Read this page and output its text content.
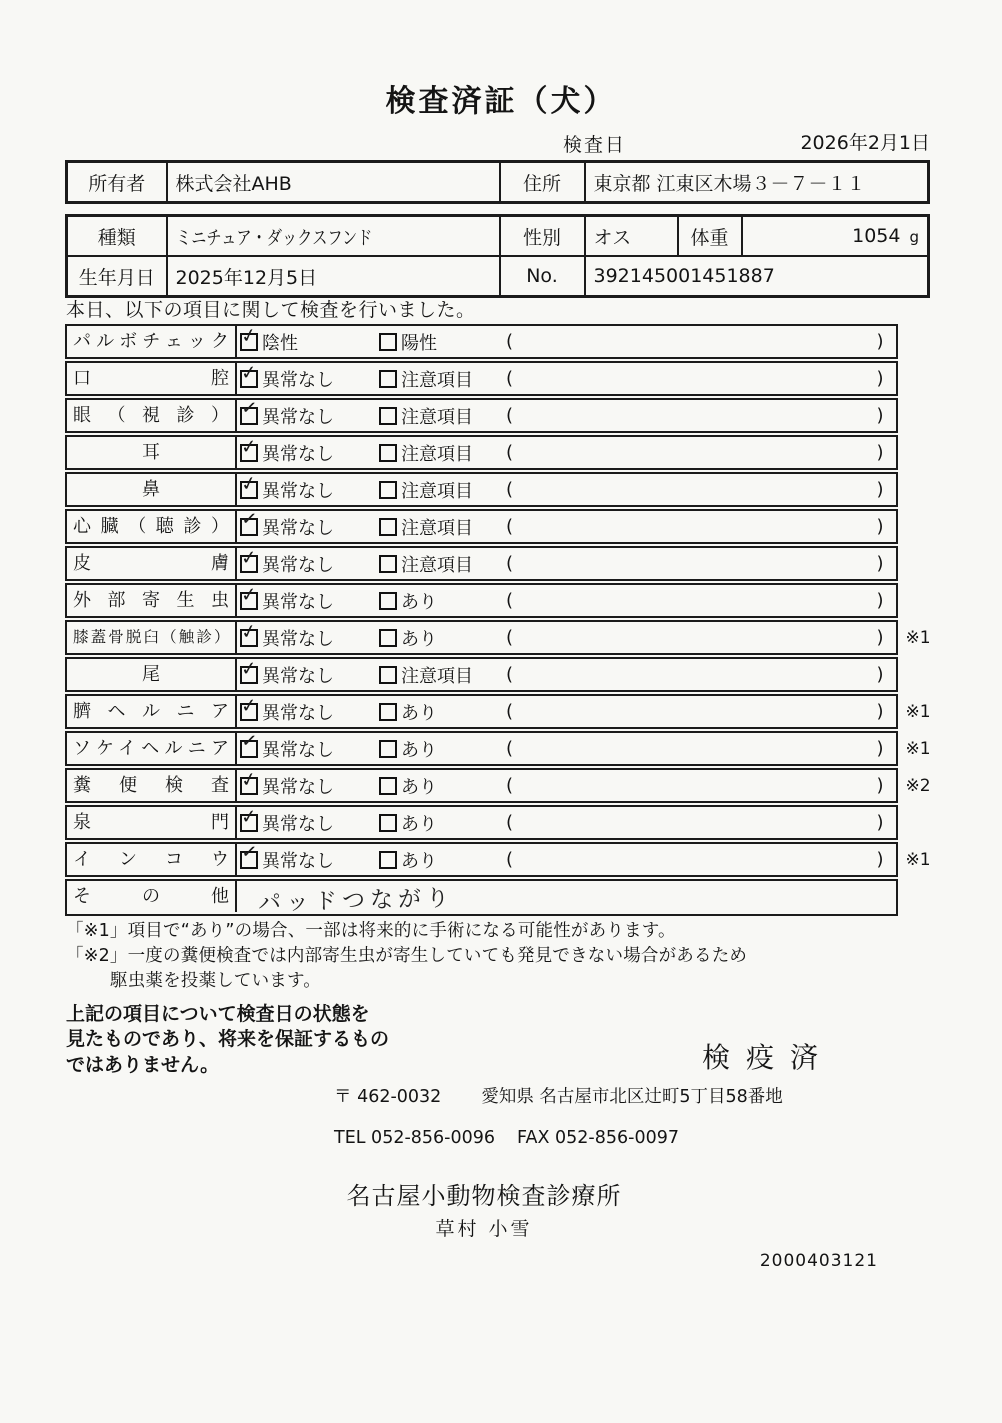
検査済証（犬）
検査日	2026年2月1日
所有者	株式会社AHB	住所	東京都 江東区木場３－７－１１
種類	ミニチュア・ダックスフンド	性別	オス	体重	1054 g
生年月日	2025年12月5日	No.	392145001451887		
本日、以下の項目に関して検査を行いました。
パルボチェック ✓ 陰性	陽性	(	)
口腔 ✓ 異常なし	注意項目 (	)
眼（視診） ✓ 異常なし	注意項目 (	)
耳	✓ 異常なし	注意項目 (	)
鼻	✓ 異常なし	注意項目 (	)
心臓（聴診） ✓ 異常なし	注意項目 (	)
皮膚 ✓ 異常なし	注意項目 (	)
外部寄生虫 ✓ 異常なし	あり	(	)
膝蓋骨脱臼（触診） ✓ 異常なし	あり	(	)	※1
尾	✓ 異常なし	注意項目 (	)
臍ヘルニア ✓ 異常なし	あり	(	)	※1
ソケイヘルニア ✓ 異常なし	あり	(	)	※1
糞便検査 ✓ 異常なし	あり	(	)	※2
泉門 ✓ 異常なし	あり	(	)
インコウ ✓ 異常なし	あり	(	)	※1
その他	パッドつながり
「※1」項目で“あり”の場合、一部は将来的に手術になる可能性があります。
「※2」一度の糞便検査では内部寄生虫が寄生していても発見できない場合があるため
駆虫薬を投薬しています。
上記の項目について検査日の状態を
見たものであり、将来を保証するもの
ではありません。	検疫済
〒 462-0032 愛知県 名古屋市北区辻町5丁目58番地
TEL 052-856-0096 FAX 052-856-0097
名古屋小動物検査診療所
草村 小雪
2000403121
